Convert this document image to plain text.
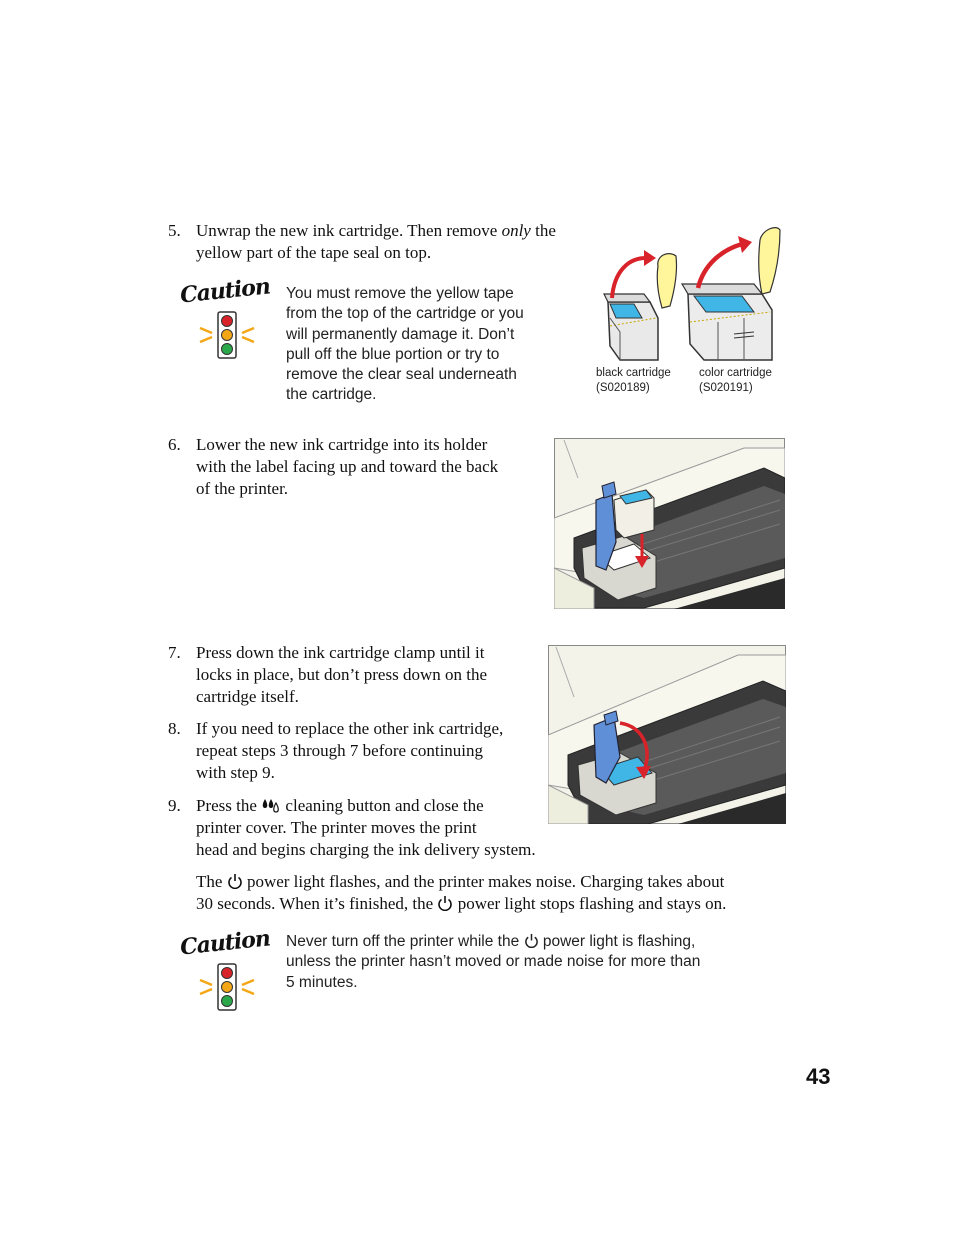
5. Unwrap the new ink cartridge. Then remove only the
yellow part of the tape seal on top.
Caution You must remove the yellow tape
from the top of the cartridge or you
will permanently damage it. Don’t
pull off the blue portion or try to
remove the clear seal underneath
the cartridge.
black cartridge
(S020189)
color cartridge
(S020191)
6. Lower the new ink cartridge into its holder
with the label facing up and toward the back
of the printer.
7. Press down the ink cartridge clamp until it
locks in place, but don’t press down on the
cartridge itself.
8. If you need to replace the other ink cartridge,
repeat steps 3 through 7 before continuing
with step 9.
9. Press the cleaning button and close the
printer cover. The printer moves the print
head and begins charging the ink delivery system.
The power light flashes, and the printer makes noise. Charging takes about
30 seconds. When it’s finished, the power light stops flashing and stays on.
Caution Never turn off the printer while the power light is flashing,
unless the printer hasn’t moved or made noise for more than
5 minutes.
43
